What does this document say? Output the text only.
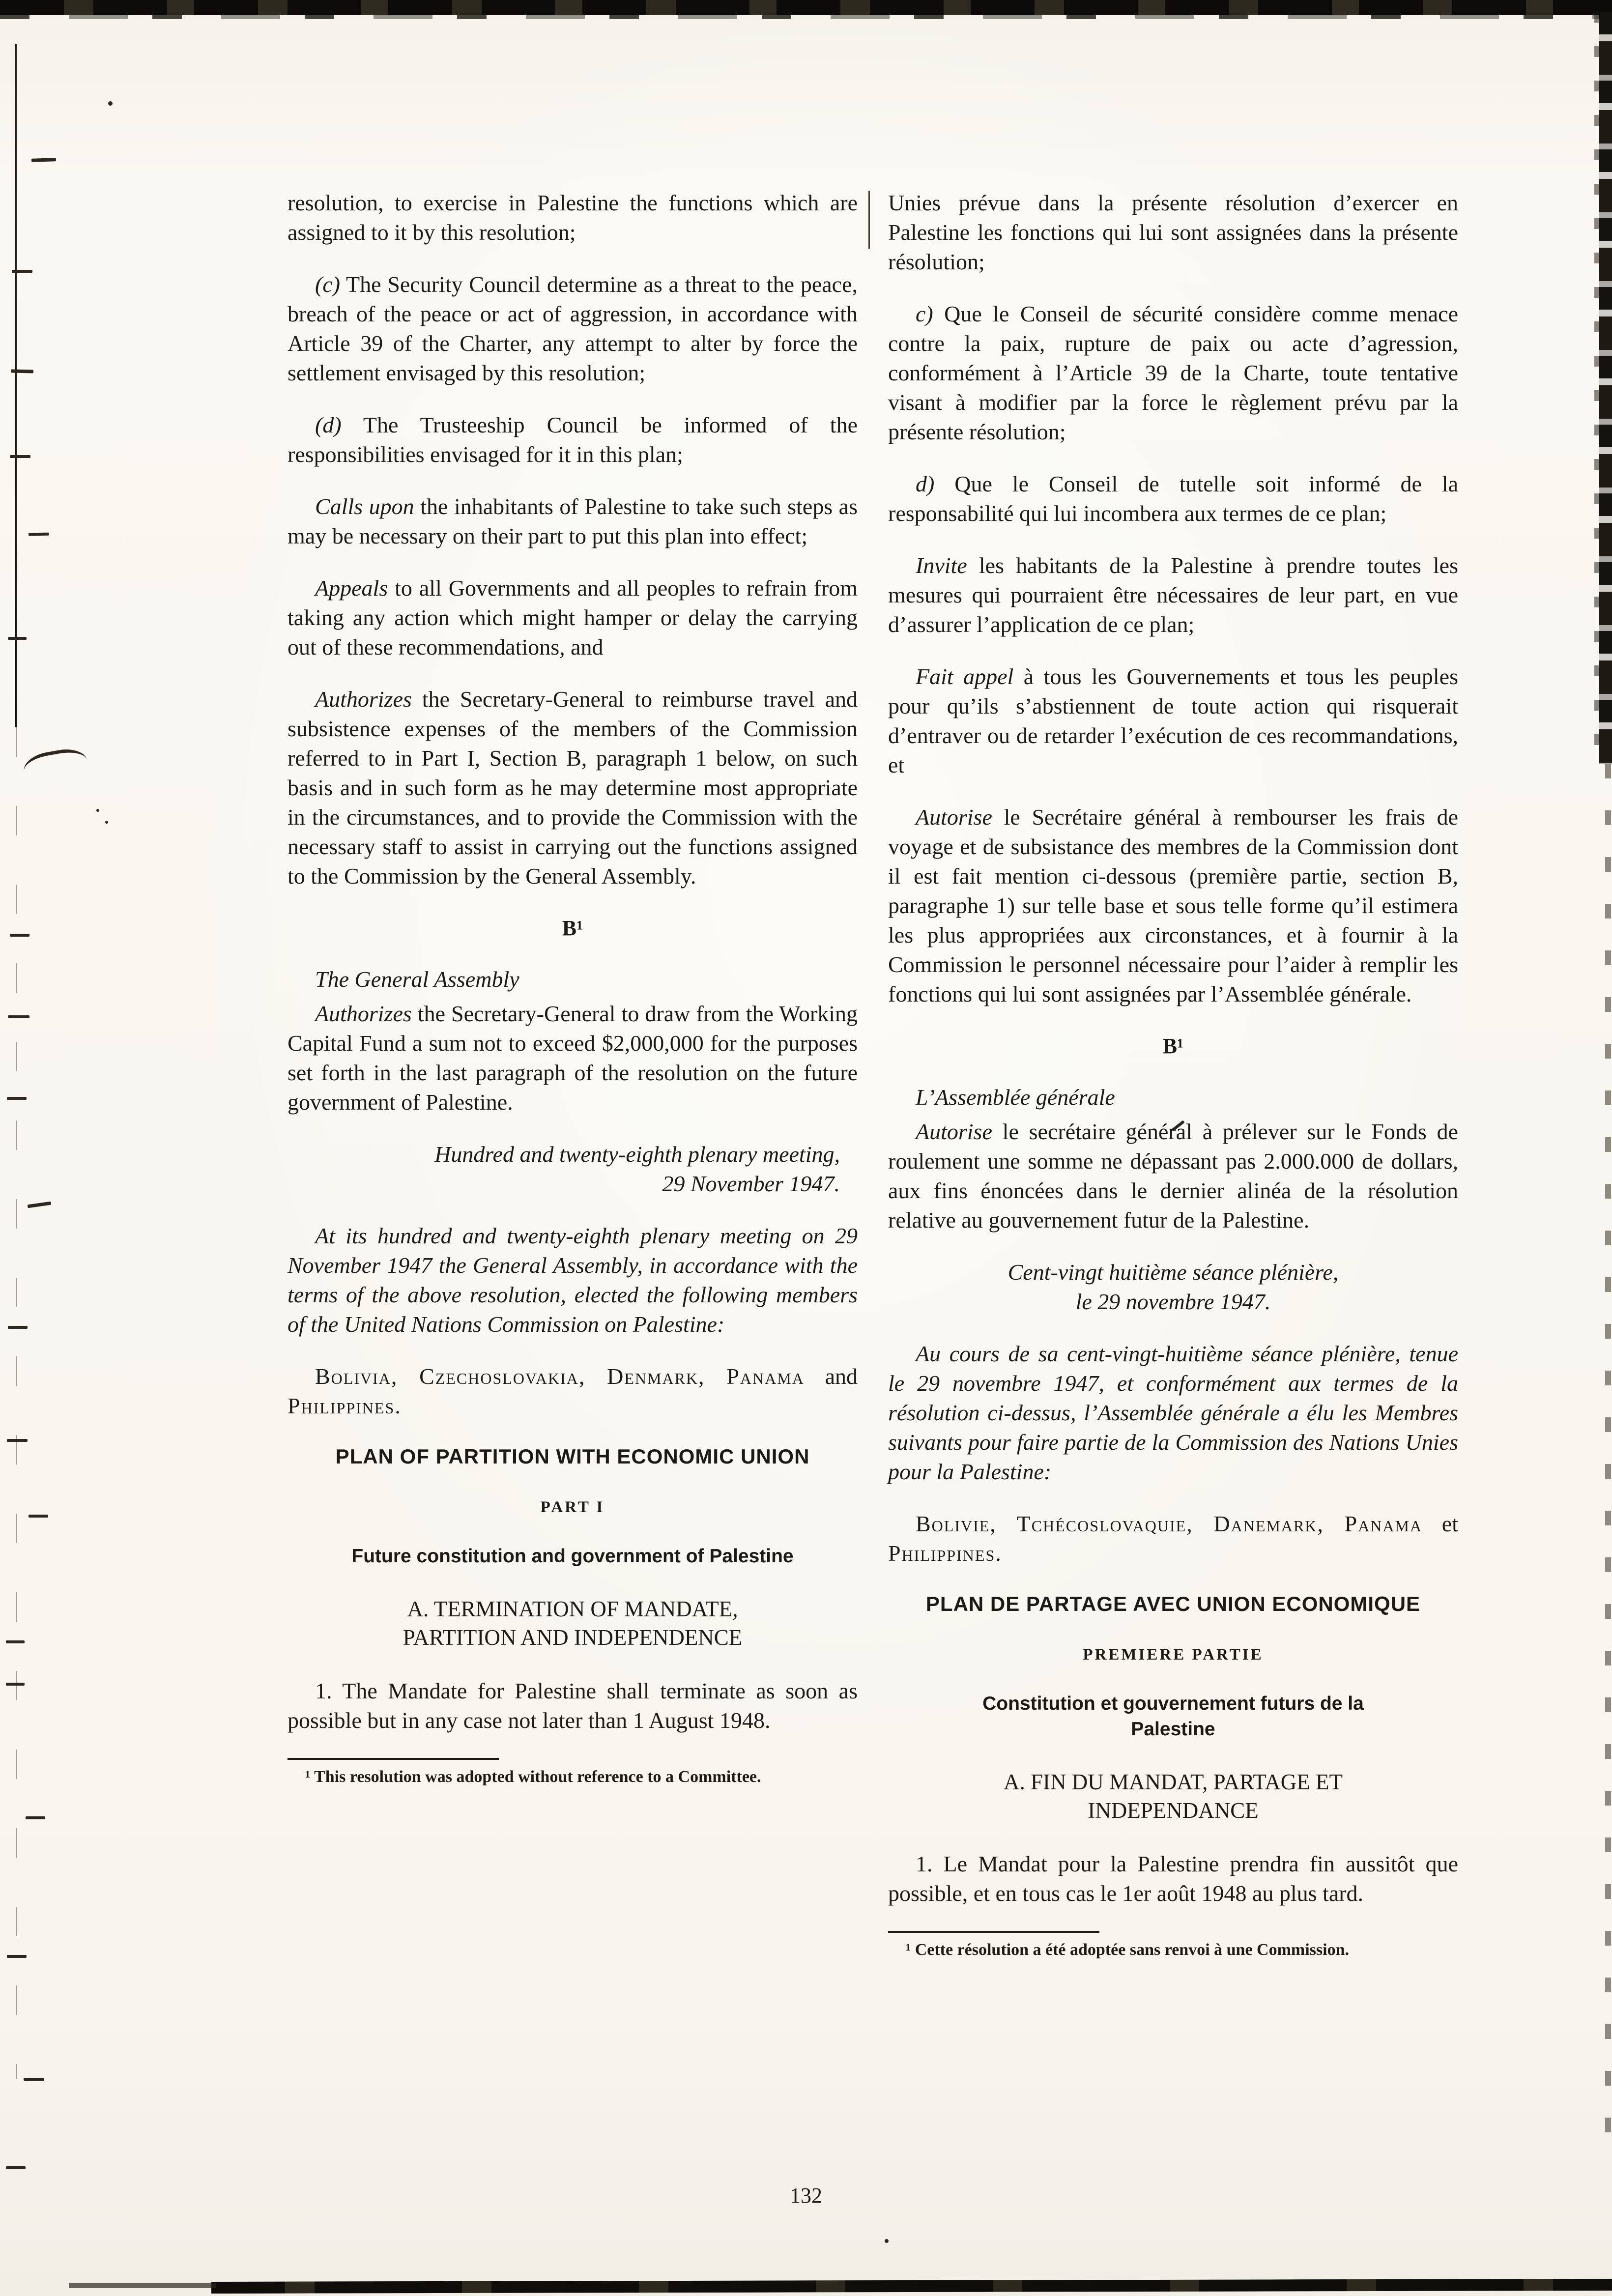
resolution, to exercise in Palestine the functions which are assigned to it by this resolution;
(c) The Security Council determine as a threat to the peace, breach of the peace or act of aggression, in accordance with Article 39 of the Charter, any attempt to alter by force the settlement envisaged by this resolution;
(d) The Trusteeship Council be informed of the responsibilities envisaged for it in this plan;
Calls upon the inhabitants of Palestine to take such steps as may be necessary on their part to put this plan into effect;
Appeals to all Governments and all peoples to refrain from taking any action which might hamper or delay the carrying out of these recommendations, and
Authorizes the Secretary-General to reimburse travel and subsistence expenses of the members of the Commission referred to in Part I, Section B, paragraph 1 below, on such basis and in such form as he may determine most appropriate in the circumstances, and to provide the Commission with the necessary staff to assist in carrying out the functions assigned to the Commission by the General Assembly.
B¹
The General Assembly
Authorizes the Secretary-General to draw from the Working Capital Fund a sum not to exceed $2,000,000 for the purposes set forth in the last paragraph of the resolution on the future government of Palestine.
Hundred and twenty-eighth plenary meeting,
29 November 1947.
At its hundred and twenty-eighth plenary meeting on 29 November 1947 the General Assembly, in accordance with the terms of the above resolution, elected the following members of the United Nations Commission on Palestine:
Bolivia, Czechoslovakia, Denmark, Panama and Philippines.
PLAN OF PARTITION WITH ECONOMIC UNION
PART I
Future constitution and government of Palestine
A. TERMINATION OF MANDATE,
PARTITION AND INDEPENDENCE
1. The Mandate for Palestine shall terminate as soon as possible but in any case not later than 1 August 1948.
¹ This resolution was adopted without reference to a Committee.
Unies prévue dans la présente résolution d’exercer en Palestine les fonctions qui lui sont assignées dans la présente résolution;
c) Que le Conseil de sécurité considère comme menace contre la paix, rupture de paix ou acte d’agression, conformément à l’Article 39 de la Charte, toute tentative visant à modifier par la force le règlement prévu par la présente résolution;
d) Que le Conseil de tutelle soit informé de la responsabilité qui lui incombera aux termes de ce plan;
Invite les habitants de la Palestine à prendre toutes les mesures qui pourraient être nécessaires de leur part, en vue d’assurer l’application de ce plan;
Fait appel à tous les Gouvernements et tous les peuples pour qu’ils s’abstiennent de toute action qui risquerait d’entraver ou de retarder l’exécution de ces recommandations, et
Autorise le Secrétaire général à rembourser les frais de voyage et de subsistance des membres de la Commission dont il est fait mention ci-dessous (première partie, section B, paragraphe 1) sur telle base et sous telle forme qu’il estimera les plus appropriées aux circonstances, et à fournir à la Commission le personnel nécessaire pour l’aider à remplir les fonctions qui lui sont assignées par l’Assemblée générale.
B¹
L’Assemblée générale
Autorise le secrétaire général à prélever sur le Fonds de roulement une somme ne dépassant pas 2.000.000 de dollars, aux fins énoncées dans le dernier alinéa de la résolution relative au gouvernement futur de la Palestine.
Cent-vingt huitième séance plénière,
le 29 novembre 1947.
Au cours de sa cent-vingt-huitième séance plénière, tenue le 29 novembre 1947, et conformément aux termes de la résolution ci-dessus, l’Assemblée générale a élu les Membres suivants pour faire partie de la Commission des Nations Unies pour la Palestine:
Bolivie, Tchécoslovaquie, Danemark, Panama et Philippines.
PLAN DE PARTAGE AVEC UNION ECONOMIQUE
PREMIERE PARTIE
Constitution et gouvernement futurs de la
Palestine
A. FIN DU MANDAT, PARTAGE ET
INDEPENDANCE
1. Le Mandat pour la Palestine prendra fin aussitôt que possible, et en tous cas le 1er août 1948 au plus tard.
¹ Cette résolution a été adoptée sans renvoi à une Commission.
132
